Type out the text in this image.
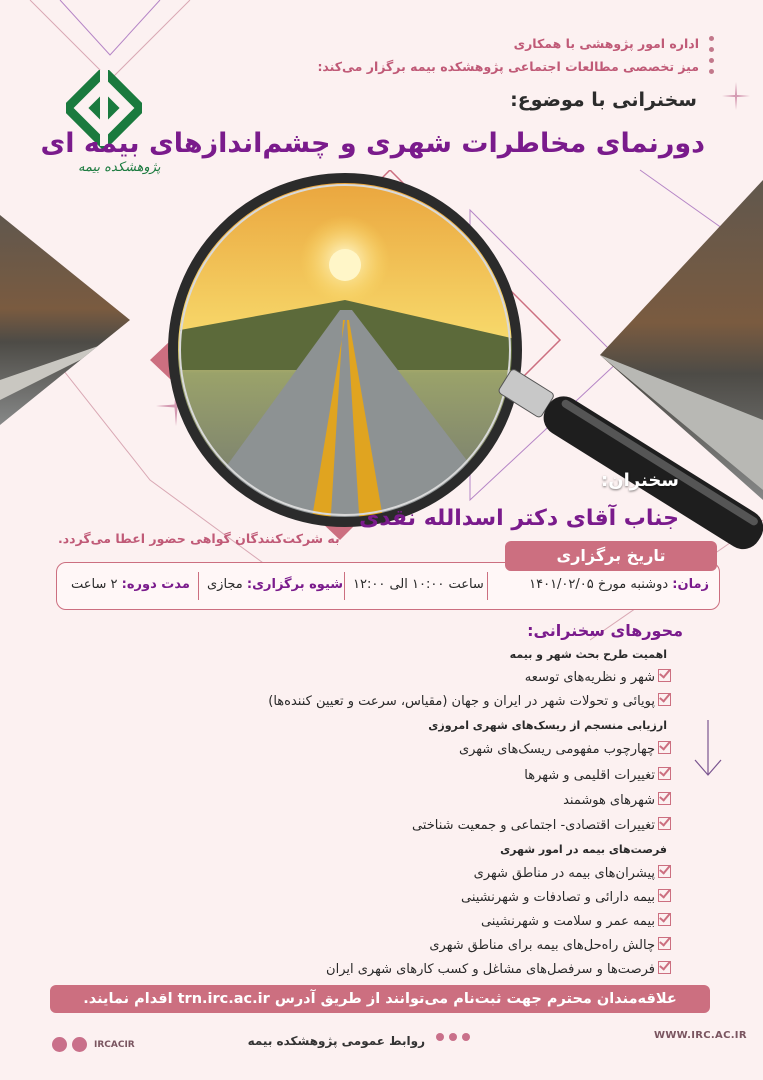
اداره امور پژوهشی با همکاری
میز تخصصی مطالعات اجتماعی پژوهشکده بیمه برگزار می‌کند:
پژوهشکده بیمه
سخنرانی با موضوع:
دورنمای مخاطرات شهری و چشم‌اندازهای بیمه ای
سخنران:
جناب آقای دکتر اسدالله نقدی
به شرکت‌کنندگان گواهی حضور اعطا می‌گردد.
زمان: دوشنبه مورخ ۱۴۰۱/۰۲/۰۵
ساعت ۱۰:۰۰ الی ۱۲:۰۰
شیوه برگزاری: مجازی
مدت دوره: ۲ ساعت
تاریخ برگزاری
محورهای سخنرانی:
اهمیت طرح بحث شهر و بیمه
شهر و نظریه‌های توسعه
پویائی و تحولات شهر در ایران و جهان (مقیاس، سرعت و تعیین کننده‌ها)
ارزیابی منسجم از ریسک‌های شهری امروزی
چهارچوب مفهومی ریسک‌های شهری
تغییرات اقلیمی و شهرها
شهرهای هوشمند
تغییرات اقتصادی- اجتماعی و جمعیت شناختی
فرصت‌های بیمه در امور شهری
پیشران‌های بیمه در مناطق شهری
بیمه دارائی و تصادفات و شهرنشینی
بیمه عمر و سلامت و شهرنشینی
چالش راه‌حل‌های بیمه برای مناطق شهری
فرصت‌ها و سرفصل‌های مشاغل و کسب کارهای شهری ایران
علاقه‌مندان محترم جهت ثبت‌نام می‌توانند از طریق آدرس trn.irc.ac.ir اقدام نمایند.
روابط عمومی پژوهشکده بیمه	WWW.IRC.AC.IR
IRCACIR
